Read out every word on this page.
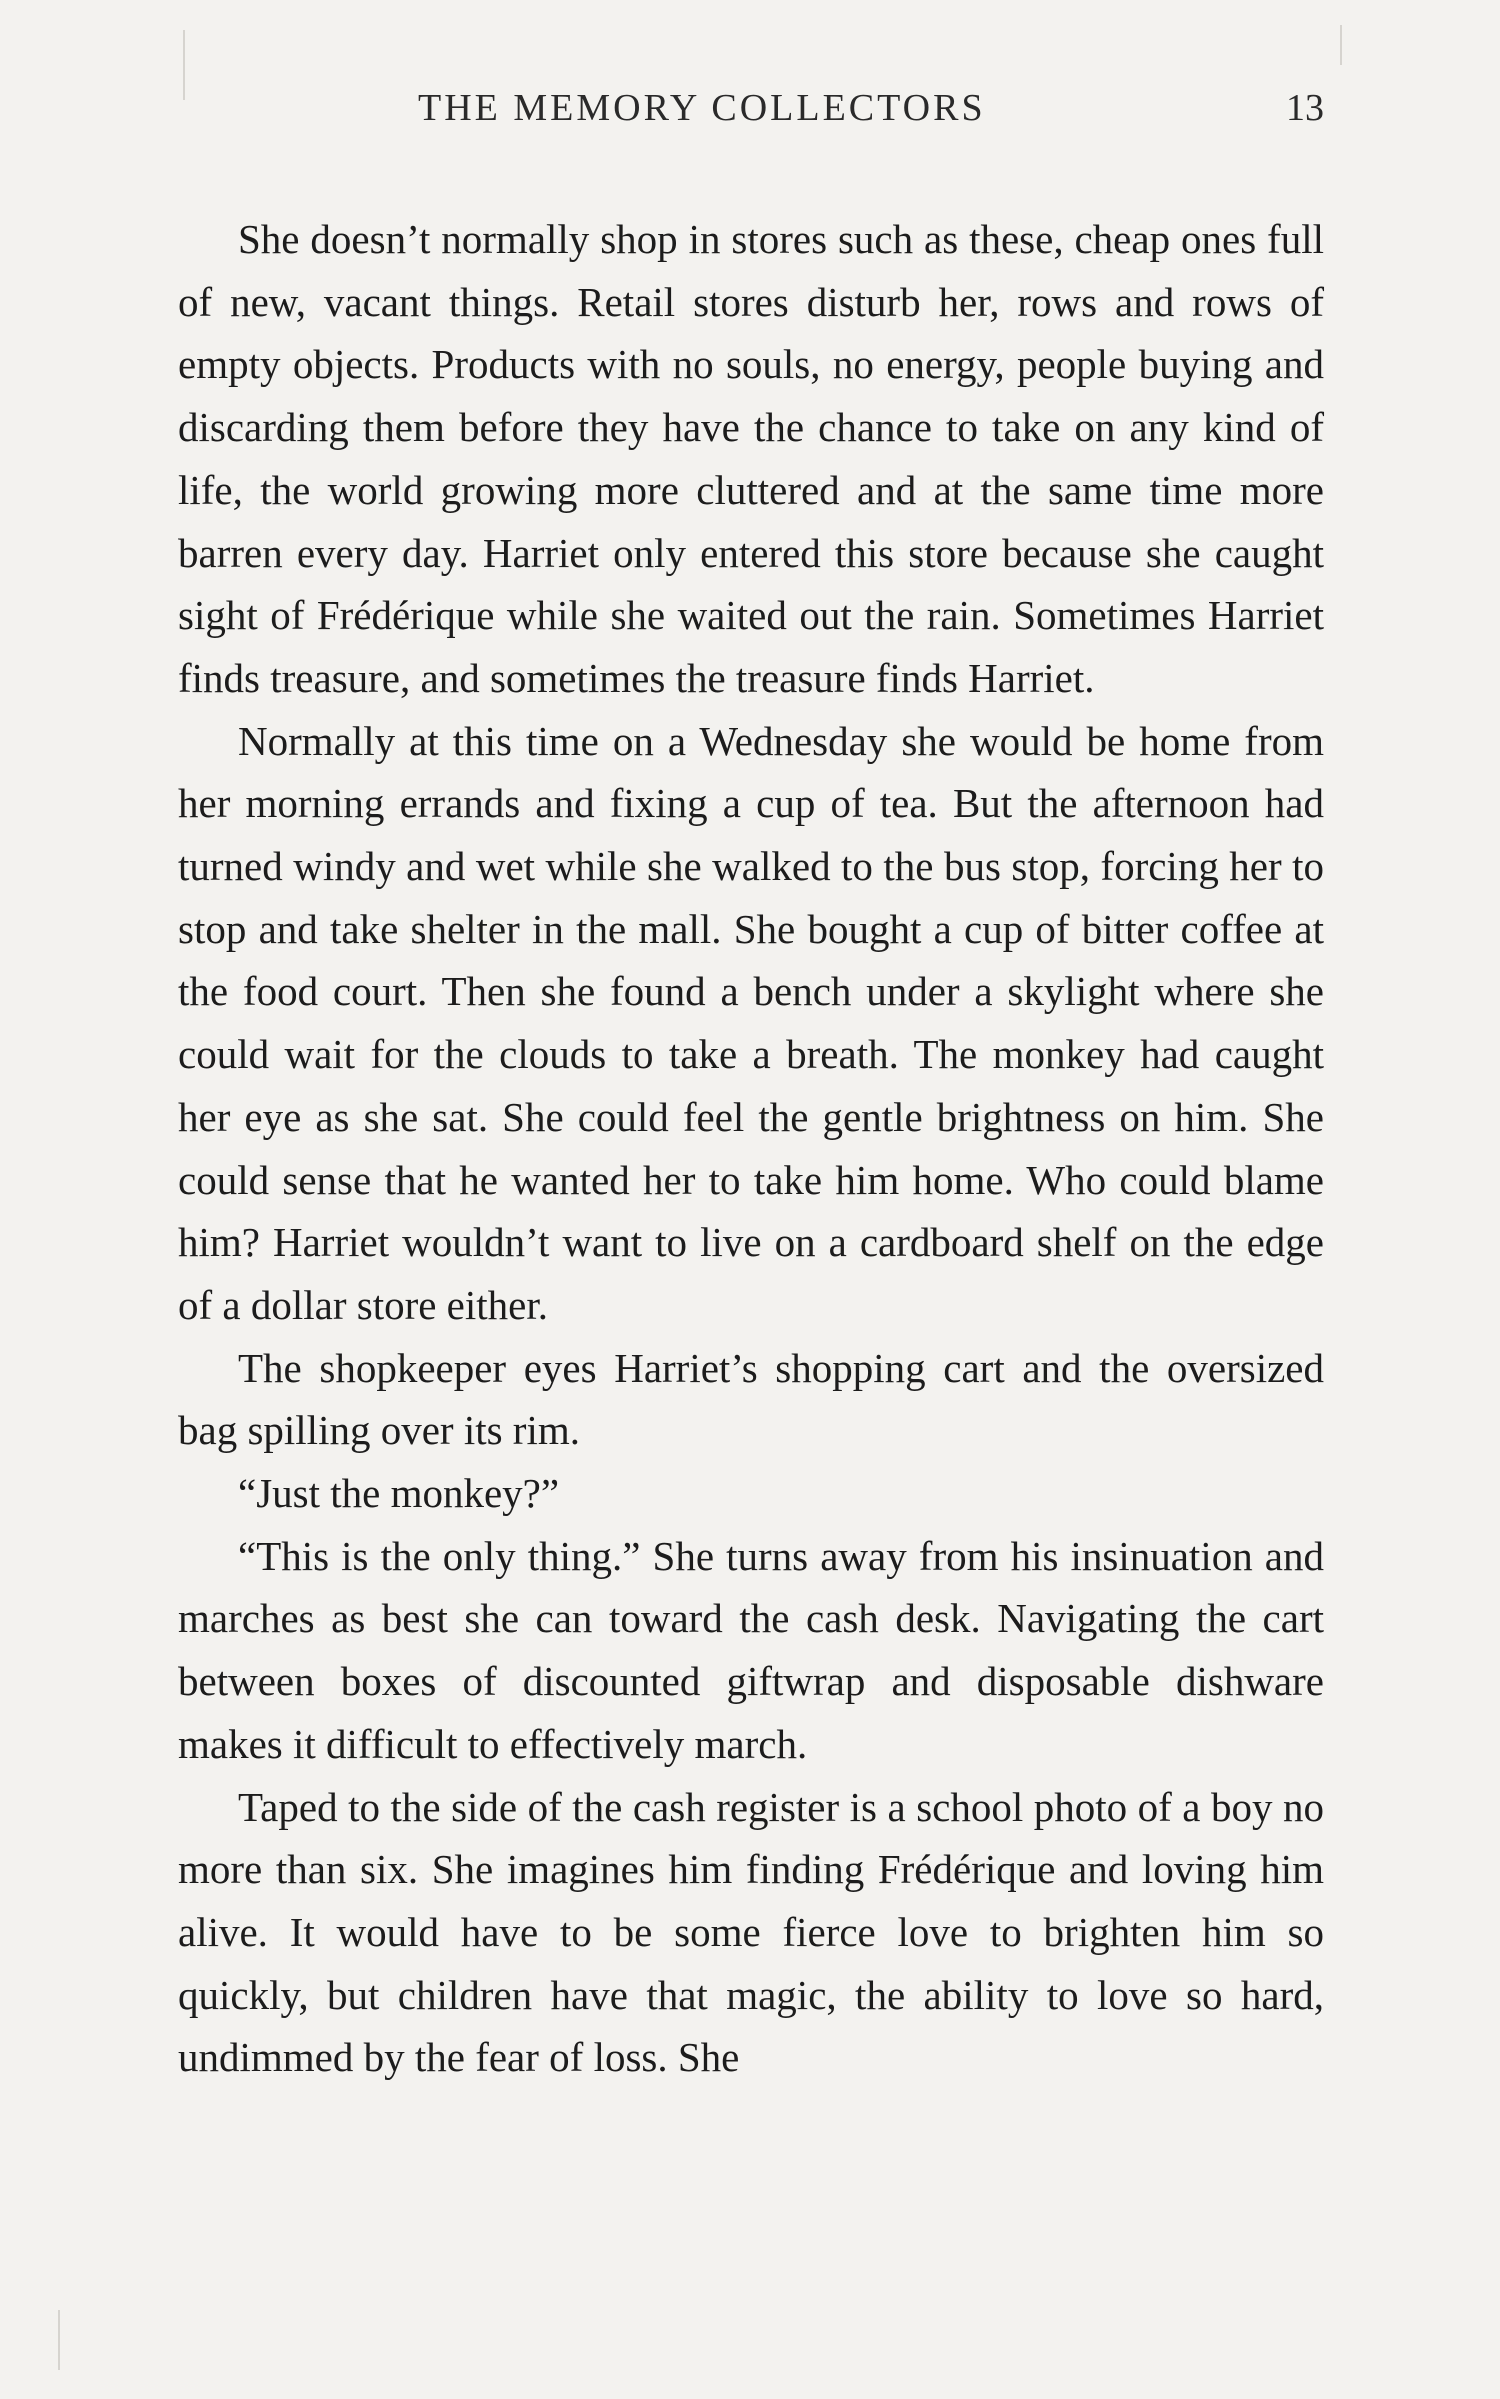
THE MEMORY COLLECTORS	13

She doesn’t normally shop in stores such as these, cheap ones full of new, vacant things. Retail stores disturb her, rows and rows of empty objects. Products with no souls, no energy, people buying and discarding them before they have the chance to take on any kind of life, the world growing more cluttered and at the same time more barren every day. Harriet only entered this store because she caught sight of Frédérique while she waited out the rain. Sometimes Harriet finds treasure, and sometimes the treasure finds Harriet.

Normally at this time on a Wednesday she would be home from her morning errands and fixing a cup of tea. But the afternoon had turned windy and wet while she walked to the bus stop, forcing her to stop and take shelter in the mall. She bought a cup of bitter coffee at the food court. Then she found a bench under a skylight where she could wait for the clouds to take a breath. The monkey had caught her eye as she sat. She could feel the gentle brightness on him. She could sense that he wanted her to take him home. Who could blame him? Harriet wouldn’t want to live on a cardboard shelf on the edge of a dollar store either.

The shopkeeper eyes Harriet’s shopping cart and the oversized bag spilling over its rim.

“Just the monkey?”

“This is the only thing.” She turns away from his insinuation and marches as best she can toward the cash desk. Navigating the cart between boxes of discounted giftwrap and disposable dishware makes it difficult to effectively march.

Taped to the side of the cash register is a school photo of a boy no more than six. She imagines him finding Frédérique and loving him alive. It would have to be some fierce love to brighten him so quickly, but children have that magic, the ability to love so hard, undimmed by the fear of loss. She
